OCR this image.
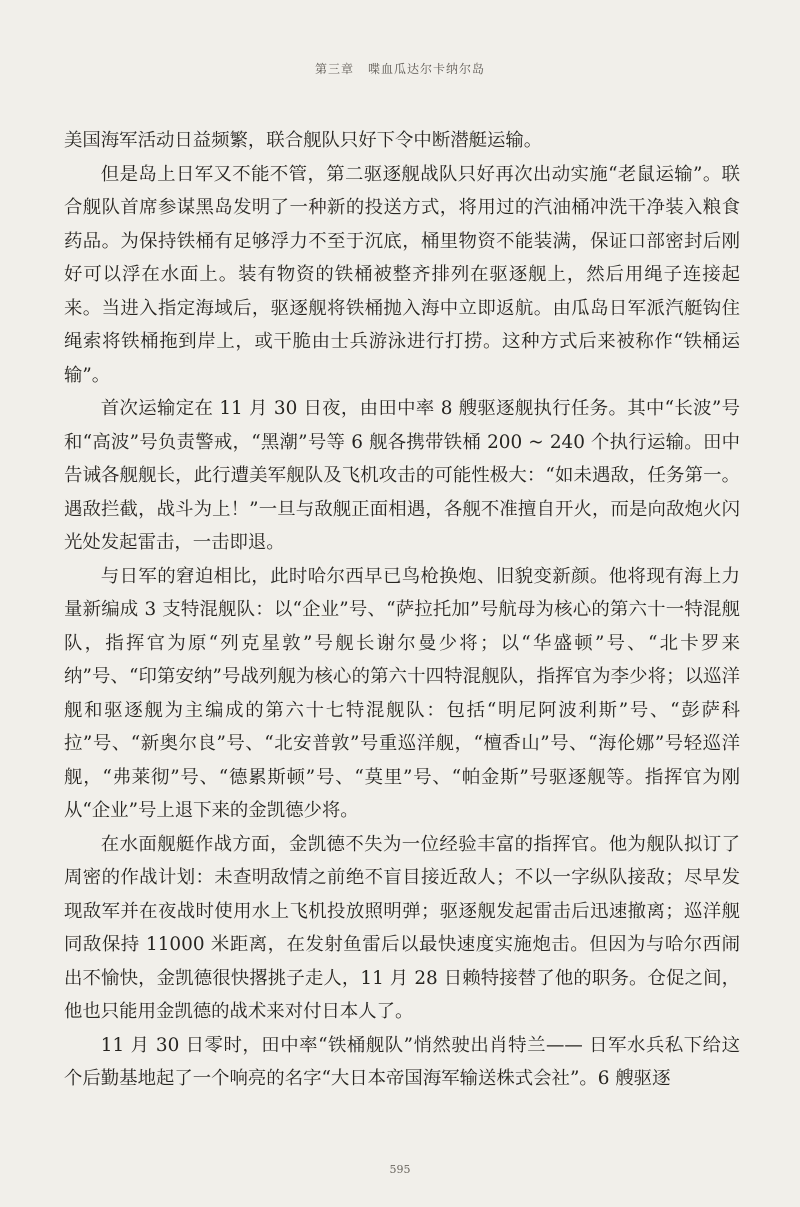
第三章 喋血瓜达尔卡纳尔岛

美国海军活动日益频繁，联合舰队只好下令中断潜艇运输。

但是岛上日军又不能不管，第二驱逐舰战队只好再次出动实施“老鼠运输”。联合舰队首席参谋黑岛发明了一种新的投送方式，将用过的汽油桶冲洗干净装入粮食药品。为保持铁桶有足够浮力不至于沉底，桶里物资不能装满，保证口部密封后刚好可以浮在水面上。装有物资的铁桶被整齐排列在驱逐舰上，然后用绳子连接起来。当进入指定海域后，驱逐舰将铁桶抛入海中立即返航。由瓜岛日军派汽艇钩住绳索将铁桶拖到岸上，或干脆由士兵游泳进行打捞。这种方式后来被称作“铁桶运输”。

首次运输定在 11 月 30 日夜，由田中率 8 艘驱逐舰执行任务。其中“长波”号和“高波”号负责警戒，“黑潮”号等 6 舰各携带铁桶 200 ~ 240 个执行运输。田中告诫各舰舰长，此行遭美军舰队及飞机攻击的可能性极大：“如未遇敌，任务第一。遇敌拦截，战斗为上！”一旦与敌舰正面相遇，各舰不准擅自开火，而是向敌炮火闪光处发起雷击，一击即退。

与日军的窘迫相比，此时哈尔西早已鸟枪换炮、旧貌变新颜。他将现有海上力量新编成 3 支特混舰队：以“企业”号、“萨拉托加”号航母为核心的第六十一特混舰队，指挥官为原“列克星敦”号舰长谢尔曼少将；以“华盛顿”号、“北卡罗来纳”号、“印第安纳”号战列舰为核心的第六十四特混舰队，指挥官为李少将；以巡洋舰和驱逐舰为主编成的第六十七特混舰队：包括“明尼阿波利斯”号、“彭萨科拉”号、“新奥尔良”号、“北安普敦”号重巡洋舰，“檀香山”号、“海伦娜”号轻巡洋舰，“弗莱彻”号、“德累斯顿”号、“莫里”号、“帕金斯”号驱逐舰等。指挥官为刚从“企业”号上退下来的金凯德少将。

在水面舰艇作战方面，金凯德不失为一位经验丰富的指挥官。他为舰队拟订了周密的作战计划：未查明敌情之前绝不盲目接近敌人；不以一字纵队接敌；尽早发现敌军并在夜战时使用水上飞机投放照明弹；驱逐舰发起雷击后迅速撤离；巡洋舰同敌保持 11000 米距离，在发射鱼雷后以最快速度实施炮击。但因为与哈尔西闹出不愉快，金凯德很快撂挑子走人，11 月 28 日赖特接替了他的职务。仓促之间，他也只能用金凯德的战术来对付日本人了。

11 月 30 日零时，田中率“铁桶舰队”悄然驶出肖特兰—— 日军水兵私下给这个后勤基地起了一个响亮的名字“大日本帝国海军输送株式会社”。6 艘驱逐

595
